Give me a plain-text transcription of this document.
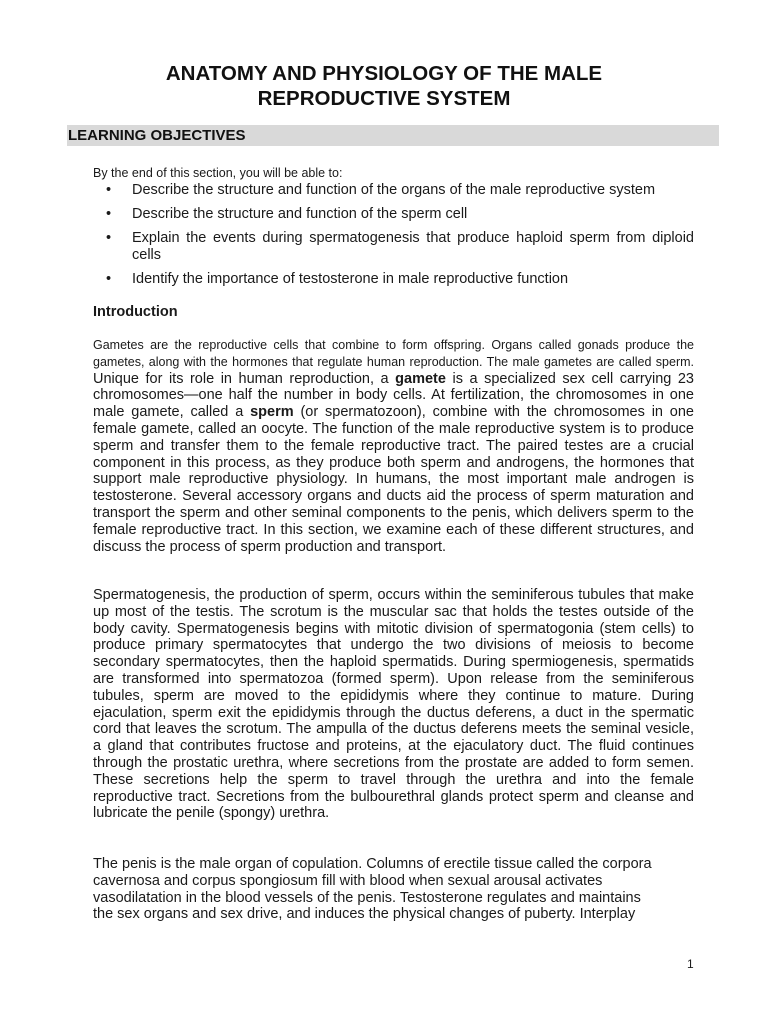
ANATOMY AND PHYSIOLOGY OF THE MALE
REPRODUCTIVE SYSTEM
LEARNING OBJECTIVES
By the end of this section, you will be able to:
• Describe the structure and function of the organs of the male reproductive system
• Describe the structure and function of the sperm cell
• Explain the events during spermatogenesis that produce haploid sperm from diploid cells
• Identify the importance of testosterone in male reproductive function
Introduction

Gametes are the reproductive cells that combine to form offspring. Organs called gonads produce the gametes, along with the hormones that regulate human reproduction. The male gametes are called sperm. Unique for its role in human reproduction, a gamete is a specialized sex cell carrying 23 chromosomes—one half the number in body cells. At fertilization, the chromosomes in one male gamete, called a sperm (or spermatozoon), combine with the chromosomes in one female gamete, called an oocyte. The function of the male reproductive system is to produce sperm and transfer them to the female reproductive tract. The paired testes are a crucial component in this process, as they produce both sperm and androgens, the hormones that support male reproductive physiology. In humans, the most important male androgen is testosterone. Several accessory organs and ducts aid the process of sperm maturation and transport the sperm and other seminal components to the penis, which delivers sperm to the female reproductive tract. In this section, we examine each of these different structures, and discuss the process of sperm production and transport.

Spermatogenesis, the production of sperm, occurs within the seminiferous tubules that make up most of the testis. The scrotum is the muscular sac that holds the testes outside of the body cavity. Spermatogenesis begins with mitotic division of spermatogonia (stem cells) to produce primary spermatocytes that undergo the two divisions of meiosis to become secondary spermatocytes, then the haploid spermatids. During spermiogenesis, spermatids are transformed into spermatozoa (formed sperm). Upon release from the seminiferous tubules, sperm are moved to the epididymis where they continue to mature. During ejaculation, sperm exit the epididymis through the ductus deferens, a duct in the spermatic cord that leaves the scrotum. The ampulla of the ductus deferens meets the seminal vesicle, a gland that contributes fructose and proteins, at the ejaculatory duct. The fluid continues through the prostatic urethra, where secretions from the prostate are added to form semen. These secretions help the sperm to travel through the urethra and into the female reproductive tract. Secretions from the bulbourethral glands protect sperm and cleanse and lubricate the penile (spongy) urethra.

The penis is the male organ of copulation. Columns of erectile tissue called the corpora
cavernosa and corpus spongiosum fill with blood when sexual arousal activates
vasodilatation in the blood vessels of the penis. Testosterone regulates and maintains
the sex organs and sex drive, and induces the physical changes of puberty. Interplay

1
